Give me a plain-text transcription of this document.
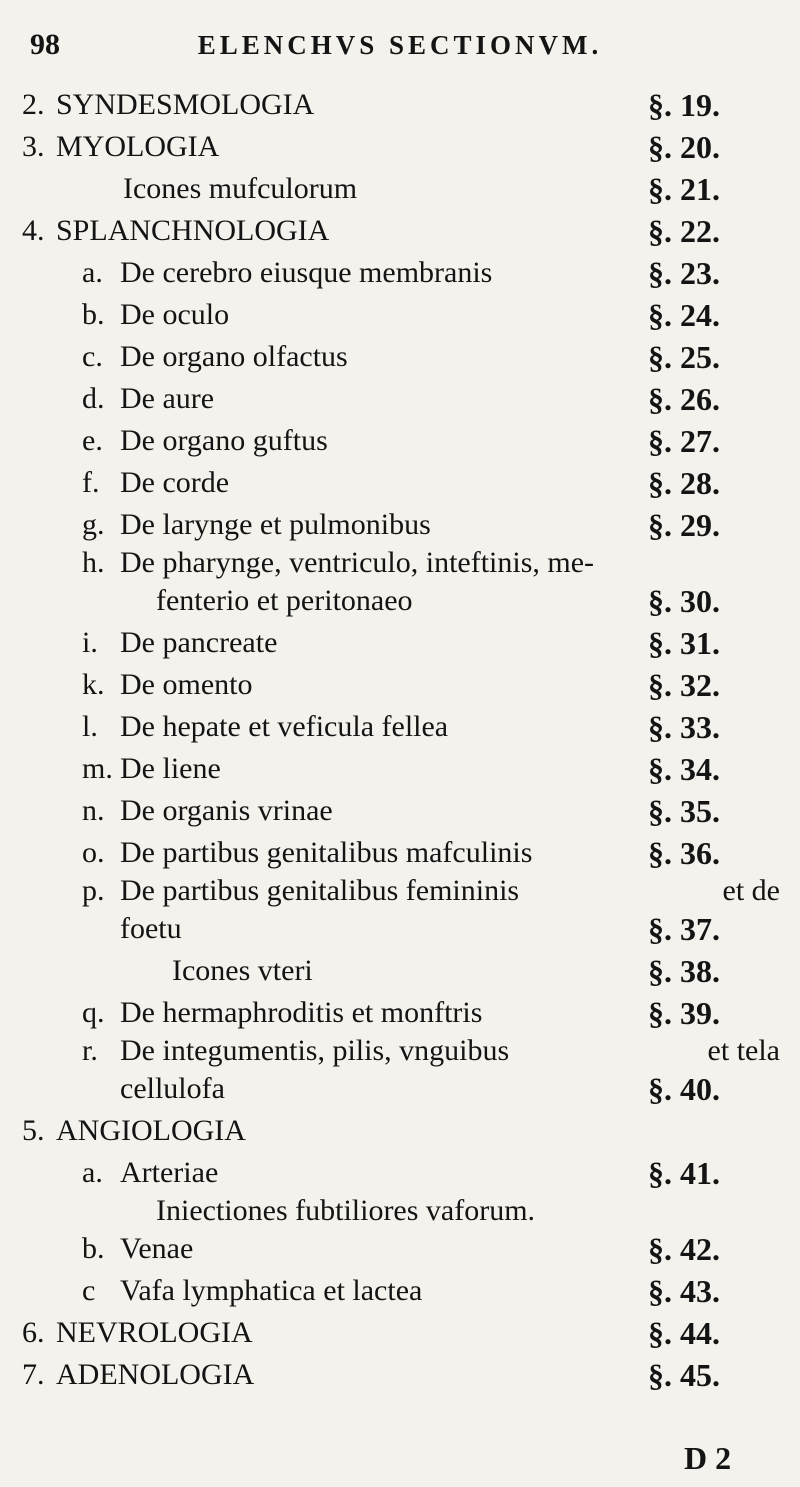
98	ELENCHVS SECTIONVM.
2. SYNDESMOLOGIA	§. 19.
3. MYOLOGIA	§. 20.
Icones mufculorum	§. 21.
4. SPLANCHNOLOGIA	§. 22.
a. De cerebro eiusque membranis	§. 23.
b. De oculo	§. 24.
c. De organo olfactus	§. 25.
d. De aure	§. 26.
e. De organo guftus	§. 27.
f. De corde	§. 28.
g. De larynge et pulmonibus	§. 29.
h. De pharynge, ventriculo, inteftinis, me-
fenterio et peritonaeo	§. 30.
i. De pancreate	§. 31.
k. De omento	§. 32.
l. De hepate et veficula fellea	§. 33.
m. De liene	§. 34.
n. De organis vrinae	§. 35.
o. De partibus genitalibus mafculinis	§. 36.
p. De partibus genitalibus femininis	et de
foetu	§. 37.
Icones vteri	§. 38.
q. De hermaphroditis et monftris	§. 39.
r. De integumentis, pilis, vnguibus	et tela
cellulofa	§. 40.
5. ANGIOLOGIA
a. Arteriae	§. 41.
Iniectiones fubtiliores vaforum.
b. Venae	§. 42.
c Vafa lymphatica et lactea	§. 43.
6. NEVROLOGIA	§. 44.
7. ADENOLOGIA	§. 45.
D 2
